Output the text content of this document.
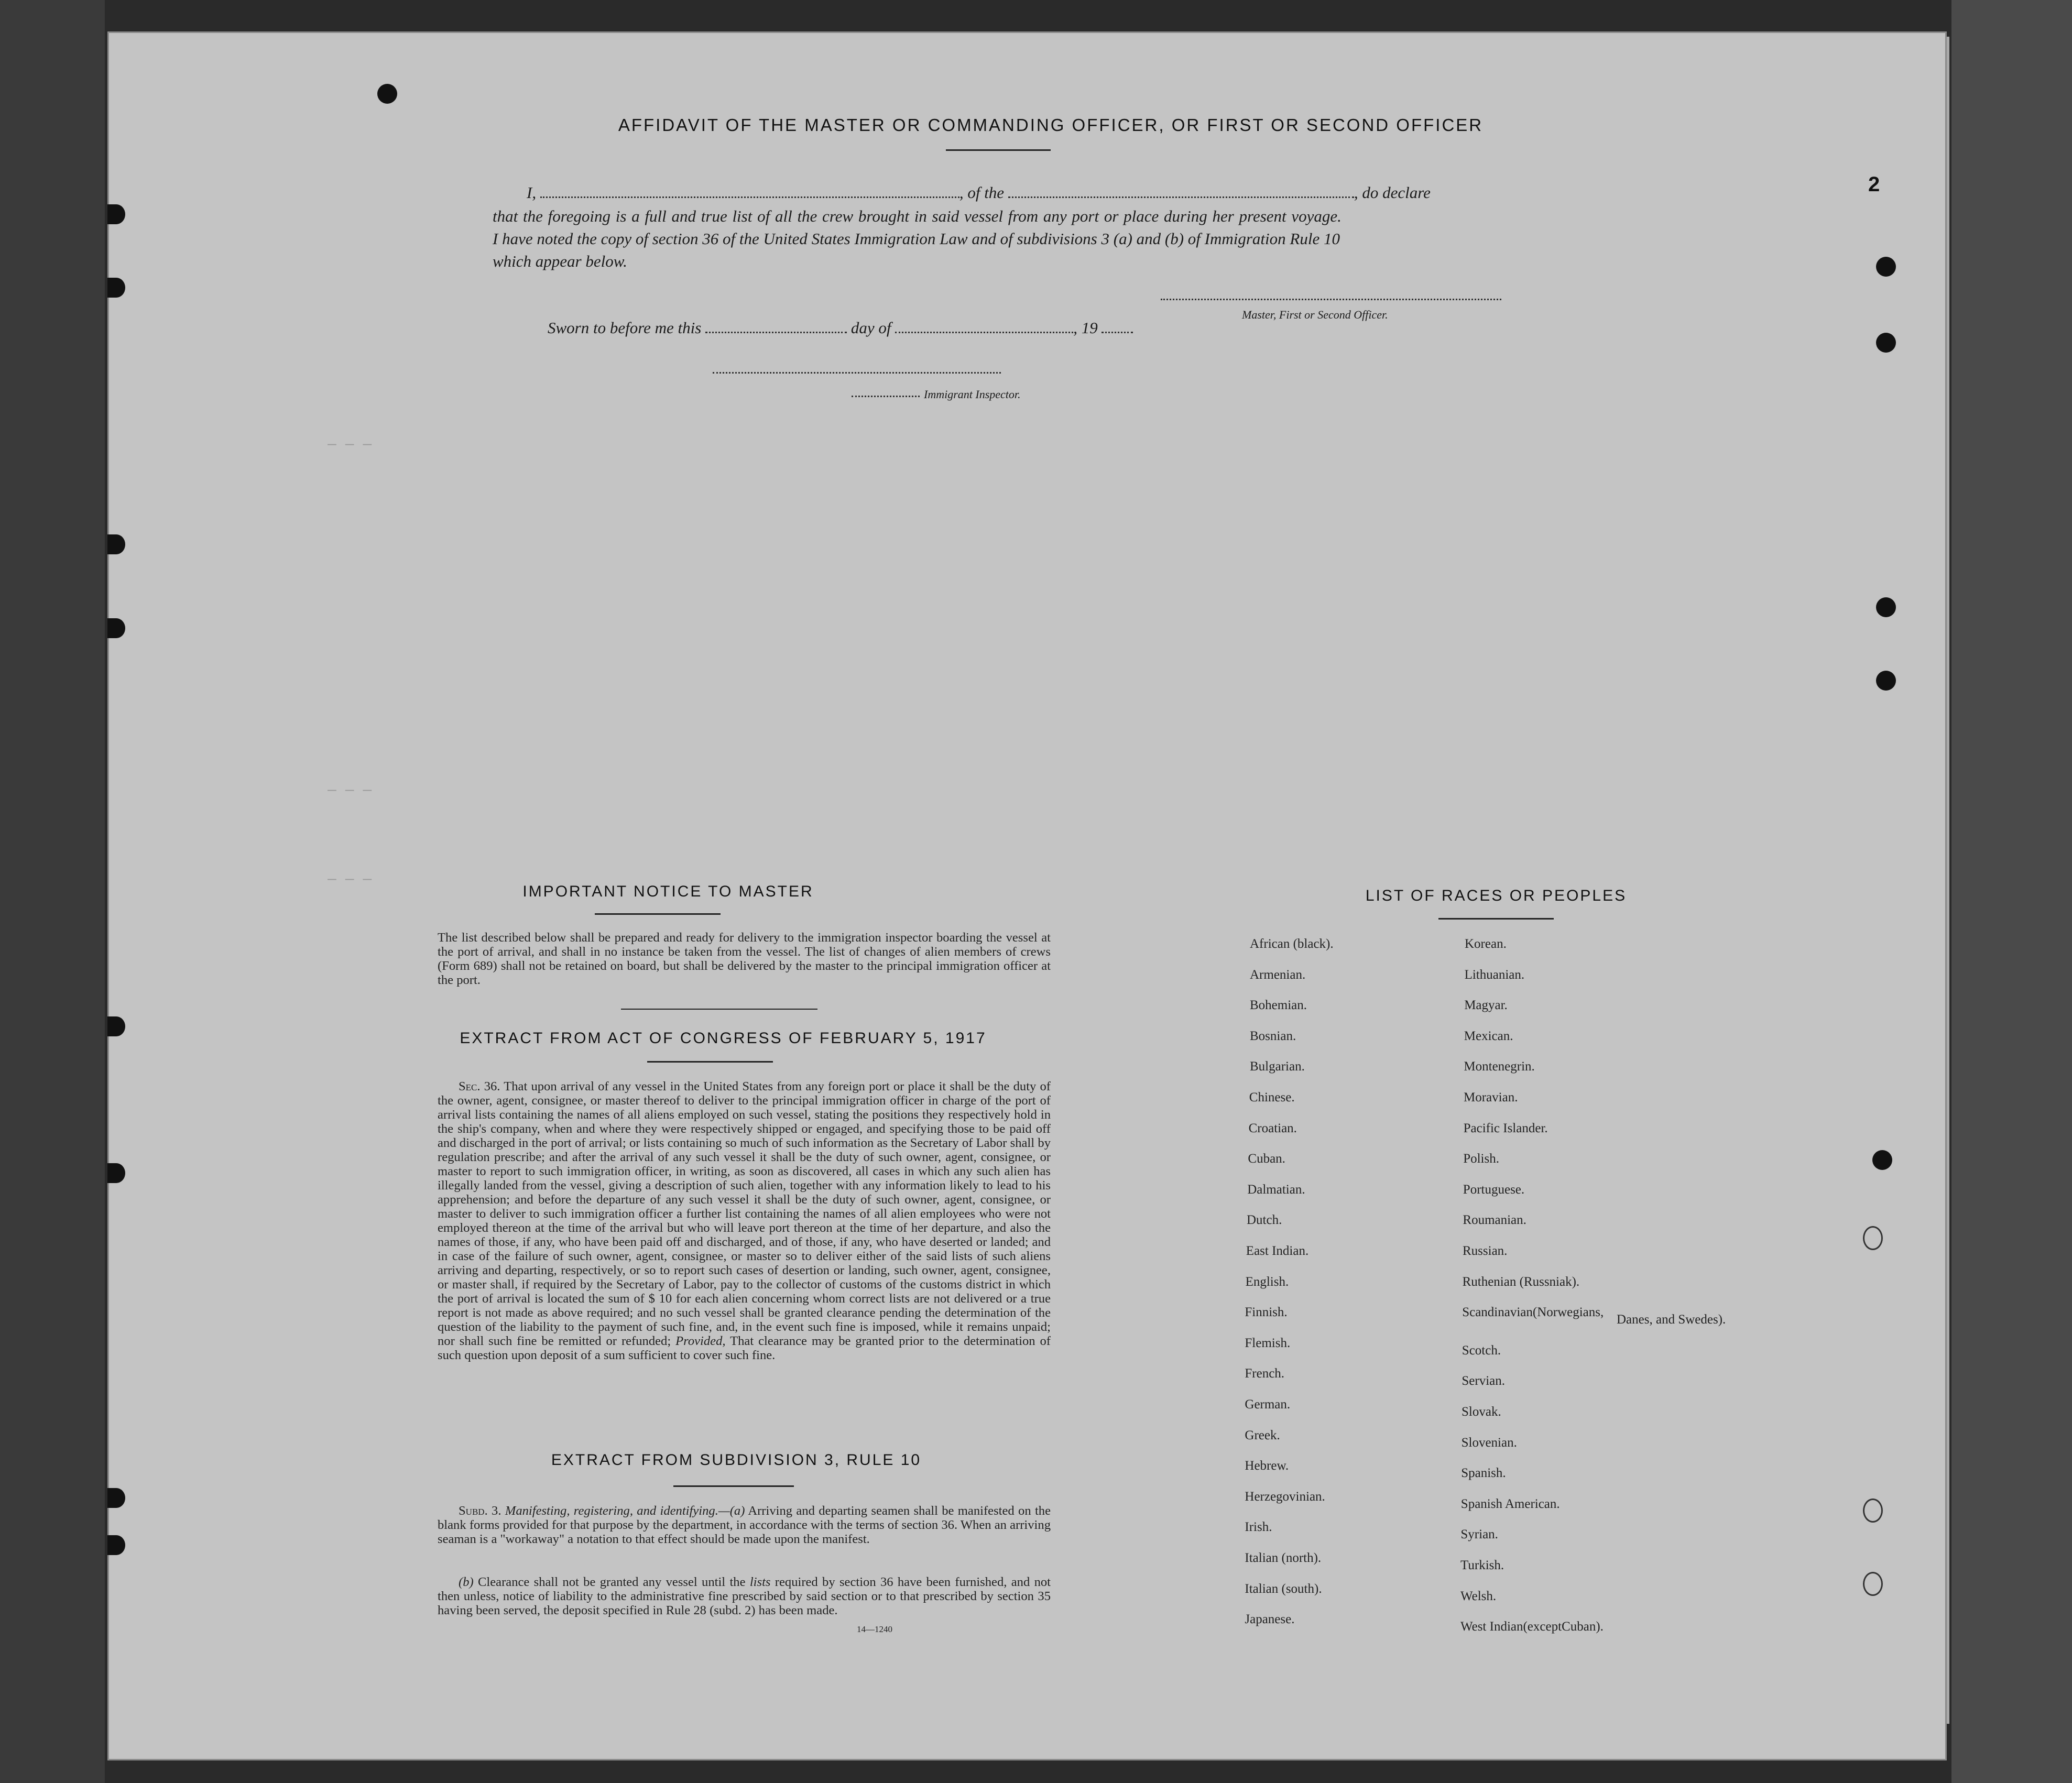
2
— — —
— — —
— — —
AFFIDAVIT OF THE MASTER OR COMMANDING OFFICER, OR FIRST OR SECOND OFFICER
I,	, of the	, do declare
that the foregoing is a full and true list of all the crew brought in said vessel from any port or place during her present voyage.
I have noted the copy of section 36 of the United States Immigration Law and of subdivisions 3 (a) and (b) of Immigration Rule 10
which appear below.
Master, First or Second Officer.
Sworn to before me this	day of	, 19
Immigrant Inspector.
IMPORTANT NOTICE TO MASTER
The list described below shall be prepared and ready for delivery to the immigration inspector boarding the vessel at the port of arrival, and shall in no instance be taken from the vessel. The list of changes of alien members of crews (Form 689) shall not be retained on board, but shall be delivered by the master to the principal immigration officer at the port.
EXTRACT FROM ACT OF CONGRESS OF FEBRUARY 5, 1917
Sec. 36. That upon arrival of any vessel in the United States from any foreign port or place it shall be the duty of the owner, agent, consignee, or master thereof to deliver to the principal immigration officer in charge of the port of arrival lists containing the names of all aliens employed on such vessel, stating the positions they respectively hold in the ship's company, when and where they were respectively shipped or engaged, and specifying those to be paid off and discharged in the port of arrival; or lists containing so much of such information as the Secretary of Labor shall by regulation prescribe; and after the arrival of any such vessel it shall be the duty of such owner, agent, consignee, or master to report to such immigration officer, in writing, as soon as discovered, all cases in which any such alien has illegally landed from the vessel, giving a description of such alien, together with any information likely to lead to his apprehension; and before the departure of any such vessel it shall be the duty of such owner, agent, consignee, or master to deliver to such immigration officer a further list containing the names of all alien employees who were not employed thereon at the time of the arrival but who will leave port thereon at the time of her departure, and also the names of those, if any, who have been paid off and discharged, and of those, if any, who have deserted or landed; and in case of the failure of such owner, agent, consignee, or master so to deliver either of the said lists of such aliens arriving and departing, respectively, or so to report such cases of desertion or landing, such owner, agent, consignee, or master shall, if required by the Secretary of Labor, pay to the collector of customs of the customs district in which the port of arrival is located the sum of $ 10 for each alien concerning whom correct lists are not delivered or a true report is not made as above required; and no such vessel shall be granted clearance pending the determination of the question of the liability to the payment of such fine, and, in the event such fine is imposed, while it remains unpaid; nor shall such fine be remitted or refunded; Provided, That clearance may be granted prior to the determination of such question upon deposit of a sum sufficient to cover such fine.
EXTRACT FROM SUBDIVISION 3, RULE 10
Subd. 3. Manifesting, registering, and identifying.—(a) Arriving and departing seamen shall be manifested on the blank forms provided for that purpose by the department, in accordance with the terms of section 36. When an arriving seaman is a "workaway" a notation to that effect should be made upon the manifest.
(b) Clearance shall not be granted any vessel until the lists required by section 36 have been furnished, and not then unless, notice of liability to the administrative fine prescribed by said section or to that prescribed by section 35 having been served, the deposit specified in Rule 28 (subd. 2) has been made.
14—1240
LIST OF RACES OR PEOPLES
African (black).
Armenian.
Bohemian.
Bosnian.
Bulgarian.
Chinese.
Croatian.
Cuban.
Dalmatian.
Dutch.
East Indian.
English.
Finnish.
Flemish.
French.
German.
Greek.
Hebrew.
Herzegovinian.
Irish.
Italian (north).
Italian (south).
Japanese.
Korean.
Lithuanian.
Magyar.
Mexican.
Montenegrin.
Moravian.
Pacific Islander.
Polish.
Portuguese.
Roumanian.
Russian.
Ruthenian (Russniak).
Scandinavian(Norwegians,
Scotch.
Servian.
Slovak.
Slovenian.
Spanish.
Spanish American.
Syrian.
Turkish.
Welsh.
West Indian(exceptCuban).
Danes, and Swedes).
